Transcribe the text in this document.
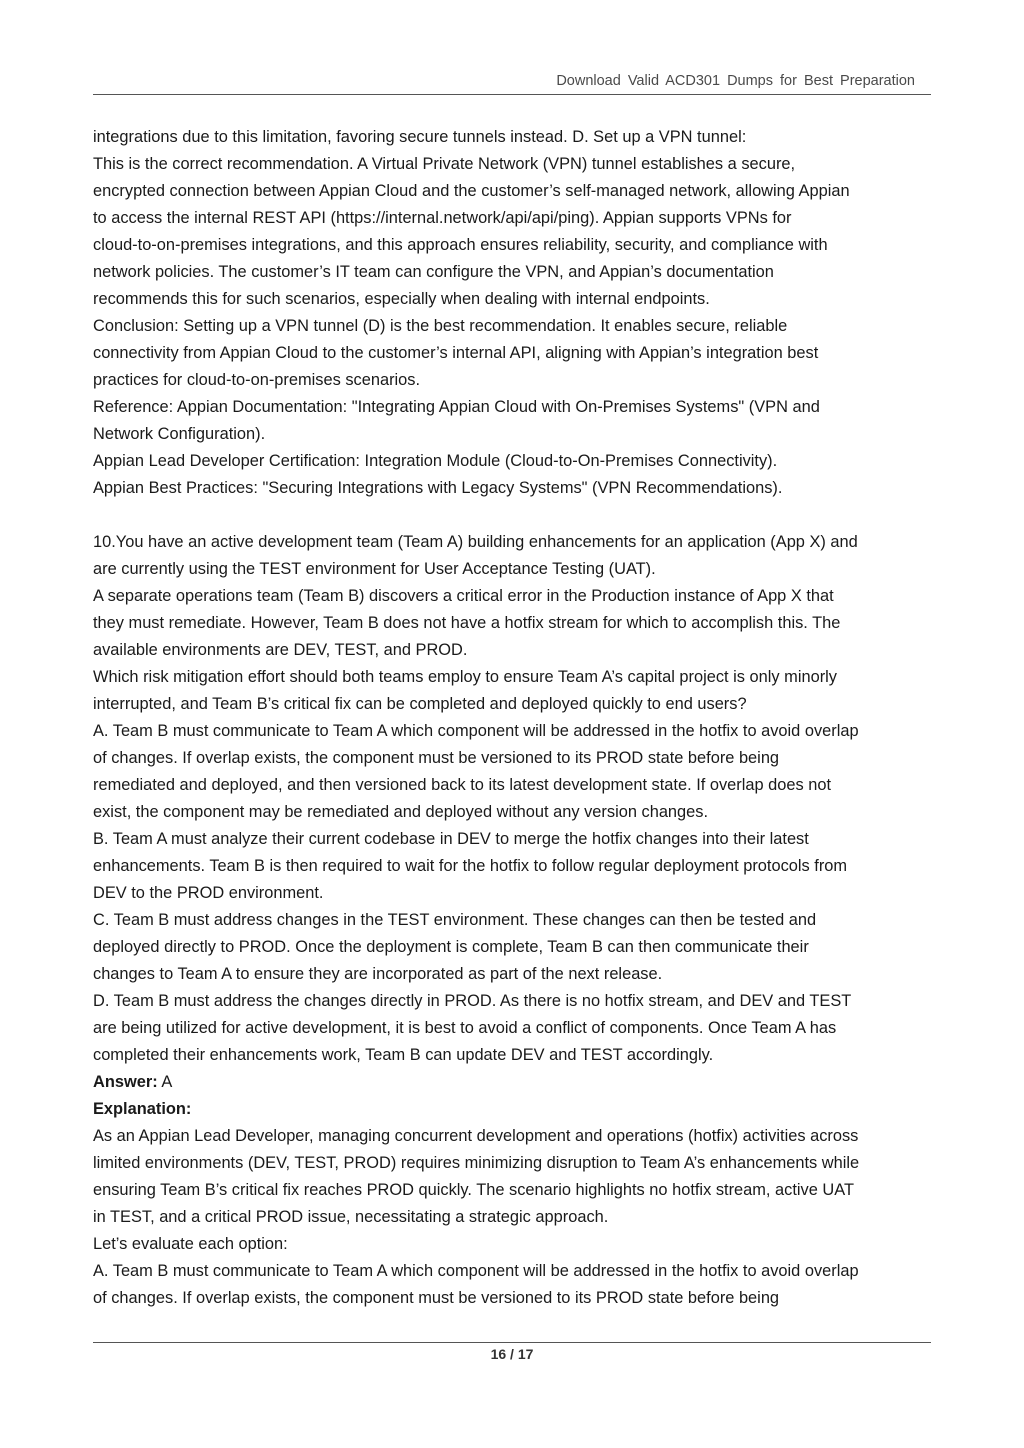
Download Valid ACD301 Dumps for Best Preparation
integrations due to this limitation, favoring secure tunnels instead. D. Set up a VPN tunnel:
This is the correct recommendation. A Virtual Private Network (VPN) tunnel establishes a secure,
encrypted connection between Appian Cloud and the customer’s self-managed network, allowing Appian
to access the internal REST API (https://internal.network/api/api/ping). Appian supports VPNs for
cloud-to-on-premises integrations, and this approach ensures reliability, security, and compliance with
network policies. The customer’s IT team can configure the VPN, and Appian’s documentation
recommends this for such scenarios, especially when dealing with internal endpoints.
Conclusion: Setting up a VPN tunnel (D) is the best recommendation. It enables secure, reliable
connectivity from Appian Cloud to the customer’s internal API, aligning with Appian’s integration best
practices for cloud-to-on-premises scenarios.
Reference: Appian Documentation: "Integrating Appian Cloud with On-Premises Systems" (VPN and
Network Configuration).
Appian Lead Developer Certification: Integration Module (Cloud-to-On-Premises Connectivity).
Appian Best Practices: "Securing Integrations with Legacy Systems" (VPN Recommendations).
10.You have an active development team (Team A) building enhancements for an application (App X) and
are currently using the TEST environment for User Acceptance Testing (UAT).
A separate operations team (Team B) discovers a critical error in the Production instance of App X that
they must remediate. However, Team B does not have a hotfix stream for which to accomplish this. The
available environments are DEV, TEST, and PROD.
Which risk mitigation effort should both teams employ to ensure Team A’s capital project is only minorly
interrupted, and Team B’s critical fix can be completed and deployed quickly to end users?
A. Team B must communicate to Team A which component will be addressed in the hotfix to avoid overlap
of changes. If overlap exists, the component must be versioned to its PROD state before being
remediated and deployed, and then versioned back to its latest development state. If overlap does not
exist, the component may be remediated and deployed without any version changes.
B. Team A must analyze their current codebase in DEV to merge the hotfix changes into their latest
enhancements. Team B is then required to wait for the hotfix to follow regular deployment protocols from
DEV to the PROD environment.
C. Team B must address changes in the TEST environment. These changes can then be tested and
deployed directly to PROD. Once the deployment is complete, Team B can then communicate their
changes to Team A to ensure they are incorporated as part of the next release.
D. Team B must address the changes directly in PROD. As there is no hotfix stream, and DEV and TEST
are being utilized for active development, it is best to avoid a conflict of components. Once Team A has
completed their enhancements work, Team B can update DEV and TEST accordingly.
Answer: A
Explanation:
As an Appian Lead Developer, managing concurrent development and operations (hotfix) activities across
limited environments (DEV, TEST, PROD) requires minimizing disruption to Team A’s enhancements while
ensuring Team B’s critical fix reaches PROD quickly. The scenario highlights no hotfix stream, active UAT
in TEST, and a critical PROD issue, necessitating a strategic approach.
Let’s evaluate each option:
A. Team B must communicate to Team A which component will be addressed in the hotfix to avoid overlap
of changes. If overlap exists, the component must be versioned to its PROD state before being
16 / 17
